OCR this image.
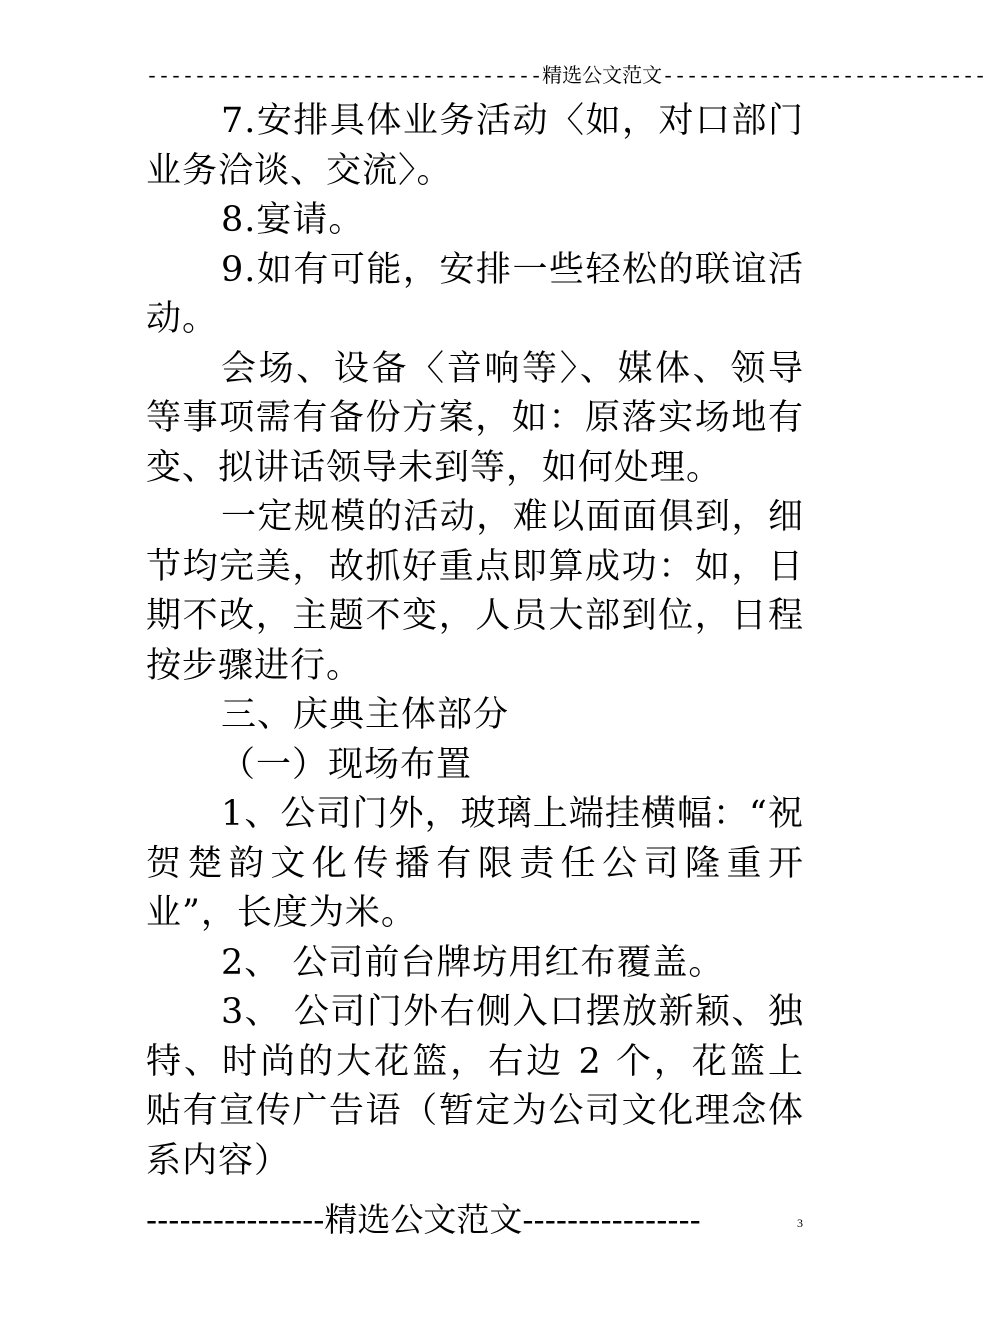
---------------------------------精选公文范文---------------------------

7.安排具体业务活动〈如，对口部门业务洽谈、交流〉。

8.宴请。

9.如有可能，安排一些轻松的联谊活动。

会场、设备〈音响等〉、媒体、领导等事项需有备份方案，如：原落实场地有变、拟讲话领导未到等，如何处理。

一定规模的活动，难以面面俱到，细节均完美，故抓好重点即算成功：如，日期不改，主题不变，人员大部到位，日程按步骤进行。

三、庆典主体部分

（一）现场布置

1、公司门外，玻璃上端挂横幅：“祝贺楚韵文化传播有限责任公司隆重开业”，长度为米。

2、 公司前台牌坊用红布覆盖。

3、 公司门外右侧入口摆放新颖、独特、时尚的大花篮，右边 2 个，花篮上贴有宣传广告语（暂定为公司文化理念体系内容）

----------------精选公文范文----------------	3
